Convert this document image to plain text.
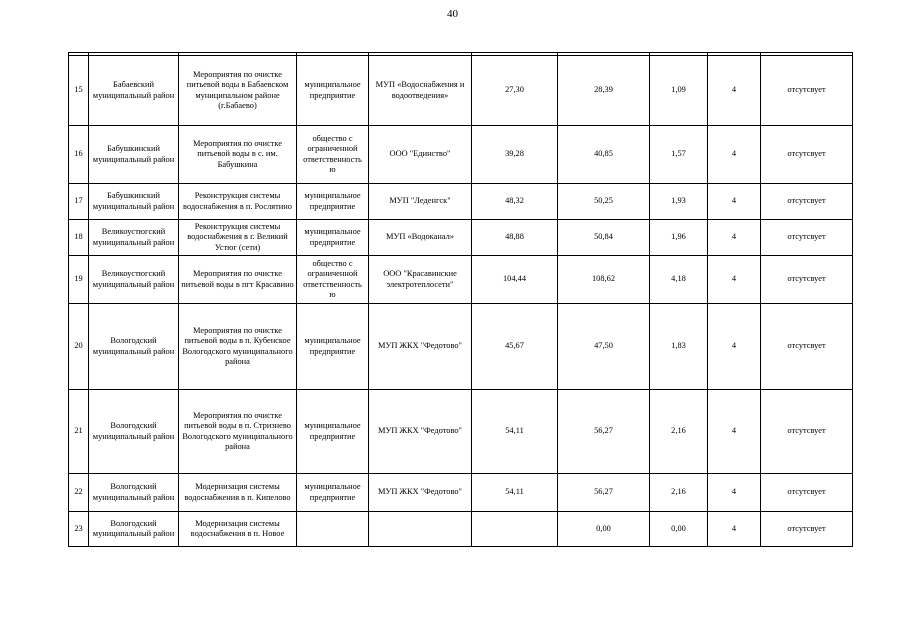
40

15	Бабаевский муниципальный район	Мероприятия по очистке питьевой воды в Бабаевском муниципальном районе (г.Бабаево)	муниципальное предприятие	МУП «Водоснабжения и водоотведения»	27,30	28,39	1,09	4	отсутсвует
16	Бабушкинский муниципальный район	Мероприятия по очистке питьевой воды в с. им. Бабушкина	общество с ограниченной ответственность ю	ООО "Единство"	39,28	40,85	1,57	4	отсутсвует
17	Бабушкинский муниципальный район	Реконструкция системы водоснабжения в п. Рослятино	муниципальное предприятие	МУП "Леденгск"	48,32	50,25	1,93	4	отсутсвует
18	Великоустюгский муниципальный район	Реконструкция системы водоснабжения в г. Великий Устюг (сети)	муниципальное предприятие	МУП «Водоканал»	48,88	50,84	1,96	4	отсутсвует
19	Великоустюгский муниципальный район	Мероприятия по очистке питьевой воды в пгт Красавино	общество с ограниченной ответственность ю	ООО "Красавинские электротеплосети"	104,44	108,62	4,18	4	отсутсвует
20	Вологодский муниципальный район	Мероприятия по очистке питьевой воды в п. Кубенское Вологодского муниципального района	муниципальное предприятие	МУП ЖКХ "Федотово"	45,67	47,50	1,83	4	отсутсвует
21	Вологодский муниципальный район	Мероприятия по очистке питьевой воды в п. Стризнево Вологодского муниципального района	муниципальное предприятие	МУП ЖКХ "Федотово"	54,11	56,27	2,16	4	отсутсвует
22	Вологодский муниципальный район	Модернизация системы водоснабжения в п. Кипелово	муниципальное предприятие	МУП ЖКХ "Федотово"	54,11	56,27	2,16	4	отсутсвует
23	Вологодский муниципальный район	Модернизация системы водоснабжения в п. Новое				0,00	0,00	4	отсутсвует
